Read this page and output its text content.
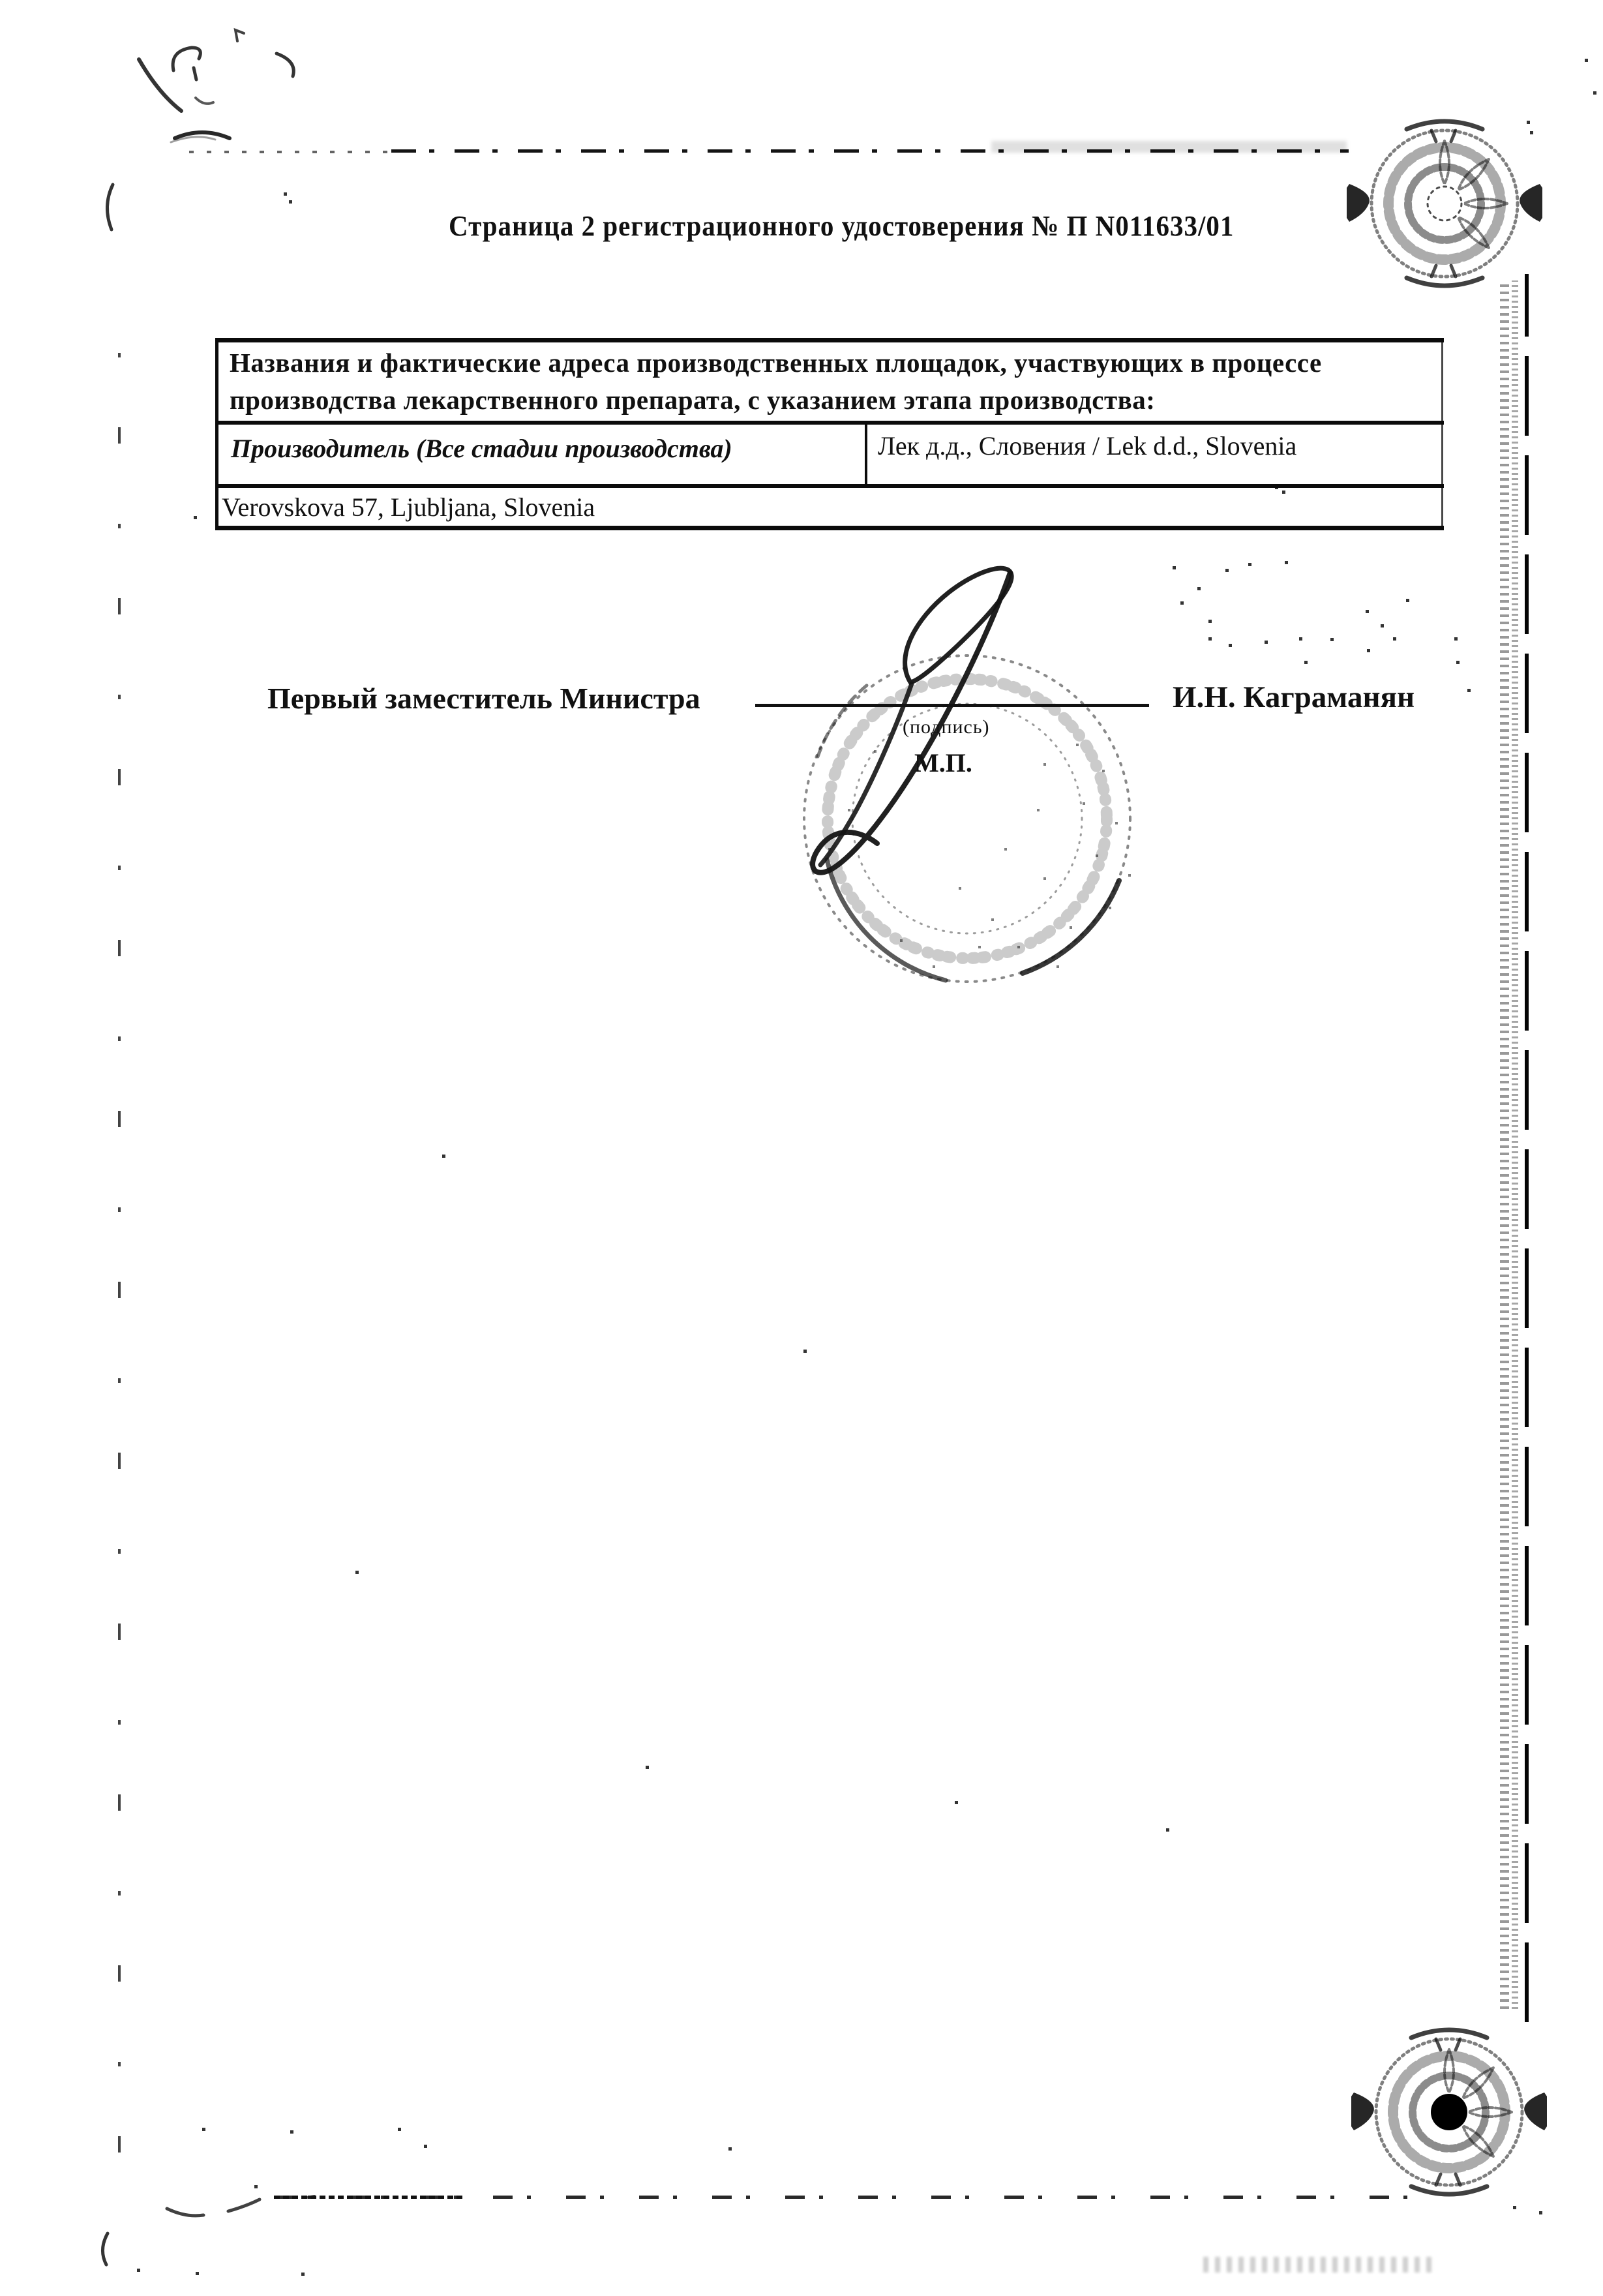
Страница 2 регистрационного удостоверения № П N011633/01
Названия и фактические адреса производственных площадок, участвующих в процессе производства лекарственного препарата, с указанием этапа производства:
Производитель (Все стадии производства)	Лек д.д., Словения / Lek d.d., Slovenia
Verovskova 57, Ljubljana, Slovenia
Первый заместитель Министра	И.Н. Каграманян
(подпись)
М.П.
